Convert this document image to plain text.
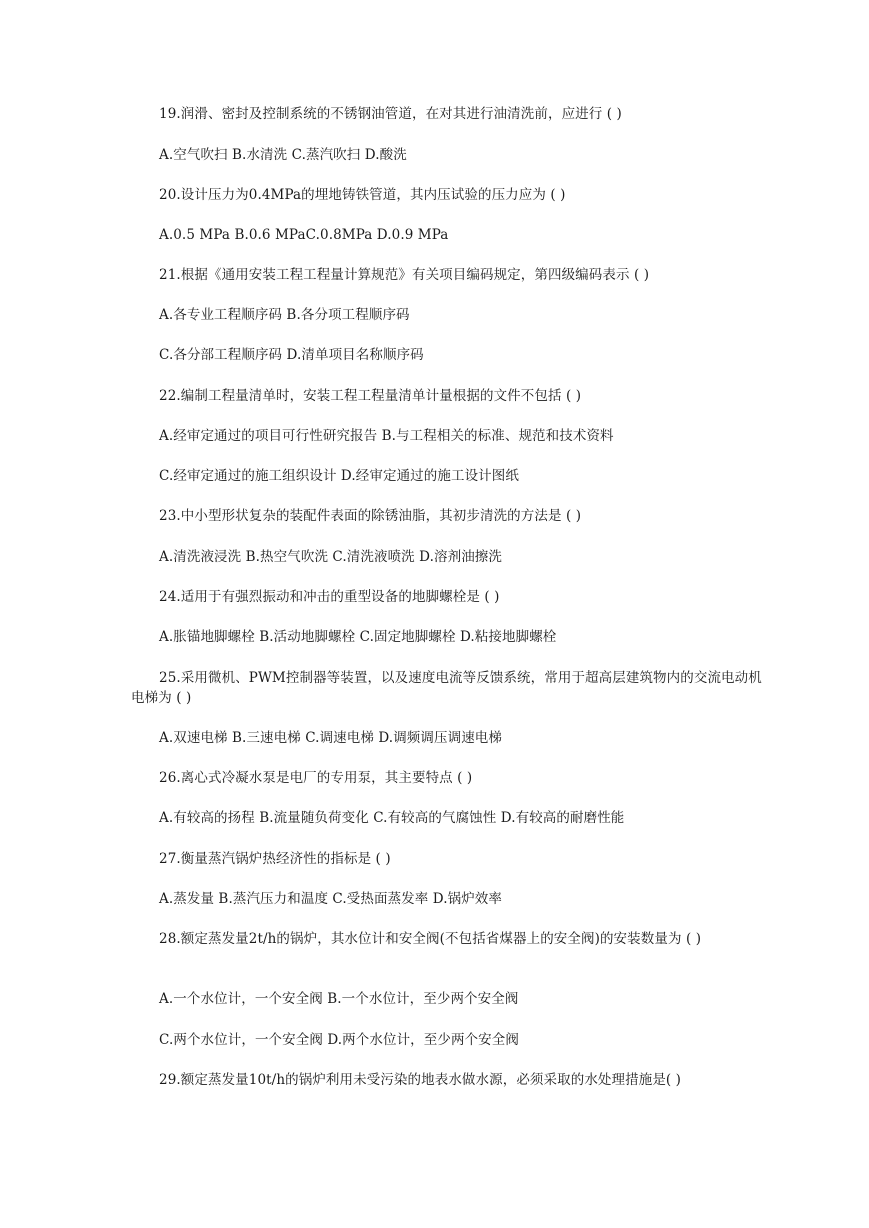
19.润滑、密封及控制系统的不锈钢油管道，在对其进行油清洗前，应进行 ( )
A.空气吹扫 B.水清洗 C.蒸汽吹扫 D.酸洗
20.设计压力为0.4MPa的埋地铸铁管道，其内压试验的压力应为 ( )
A.0.5 MPa B.0.6 MPaC.0.8MPa D.0.9 MPa
21.根据《通用安装工程工程量计算规范》有关项目编码规定，第四级编码表示 ( )
A.各专业工程顺序码 B.各分项工程顺序码
C.各分部工程顺序码 D.清单项目名称顺序码
22.编制工程量清单时，安装工程工程量清单计量根据的文件不包括 ( )
A.经审定通过的项目可行性研究报告 B.与工程相关的标准、规范和技术资料
C.经审定通过的施工组织设计 D.经审定通过的施工设计图纸
23.中小型形状复杂的装配件表面的除锈油脂，其初步清洗的方法是 ( )
A.清洗液浸洗 B.热空气吹洗 C.清洗液喷洗 D.溶剂油擦洗
24.适用于有强烈振动和冲击的重型设备的地脚螺栓是 ( )
A.胀锚地脚螺栓 B.活动地脚螺栓 C.固定地脚螺栓 D.粘接地脚螺栓
25.采用微机、PWM控制器等装置，以及速度电流等反馈系统，常用于超高层建筑物内的交流电动机电梯为 ( )
A.双速电梯 B.三速电梯 C.调速电梯 D.调频调压调速电梯
26.离心式冷凝水泵是电厂的专用泵，其主要特点 ( )
A.有较高的扬程 B.流量随负荷变化 C.有较高的气腐蚀性 D.有较高的耐磨性能
27.衡量蒸汽锅炉热经济性的指标是 ( )
A.蒸发量 B.蒸汽压力和温度 C.受热面蒸发率 D.锅炉效率
28.额定蒸发量2t/h的锅炉，其水位计和安全阀(不包括省煤器上的安全阀)的安装数量为 ( )
A.一个水位计，一个安全阀 B.一个水位计，至少两个安全阀
C.两个水位计，一个安全阀 D.两个水位计，至少两个安全阀
29.额定蒸发量10t/h的锅炉利用未受污染的地表水做水源，必须采取的水处理措施是( )
